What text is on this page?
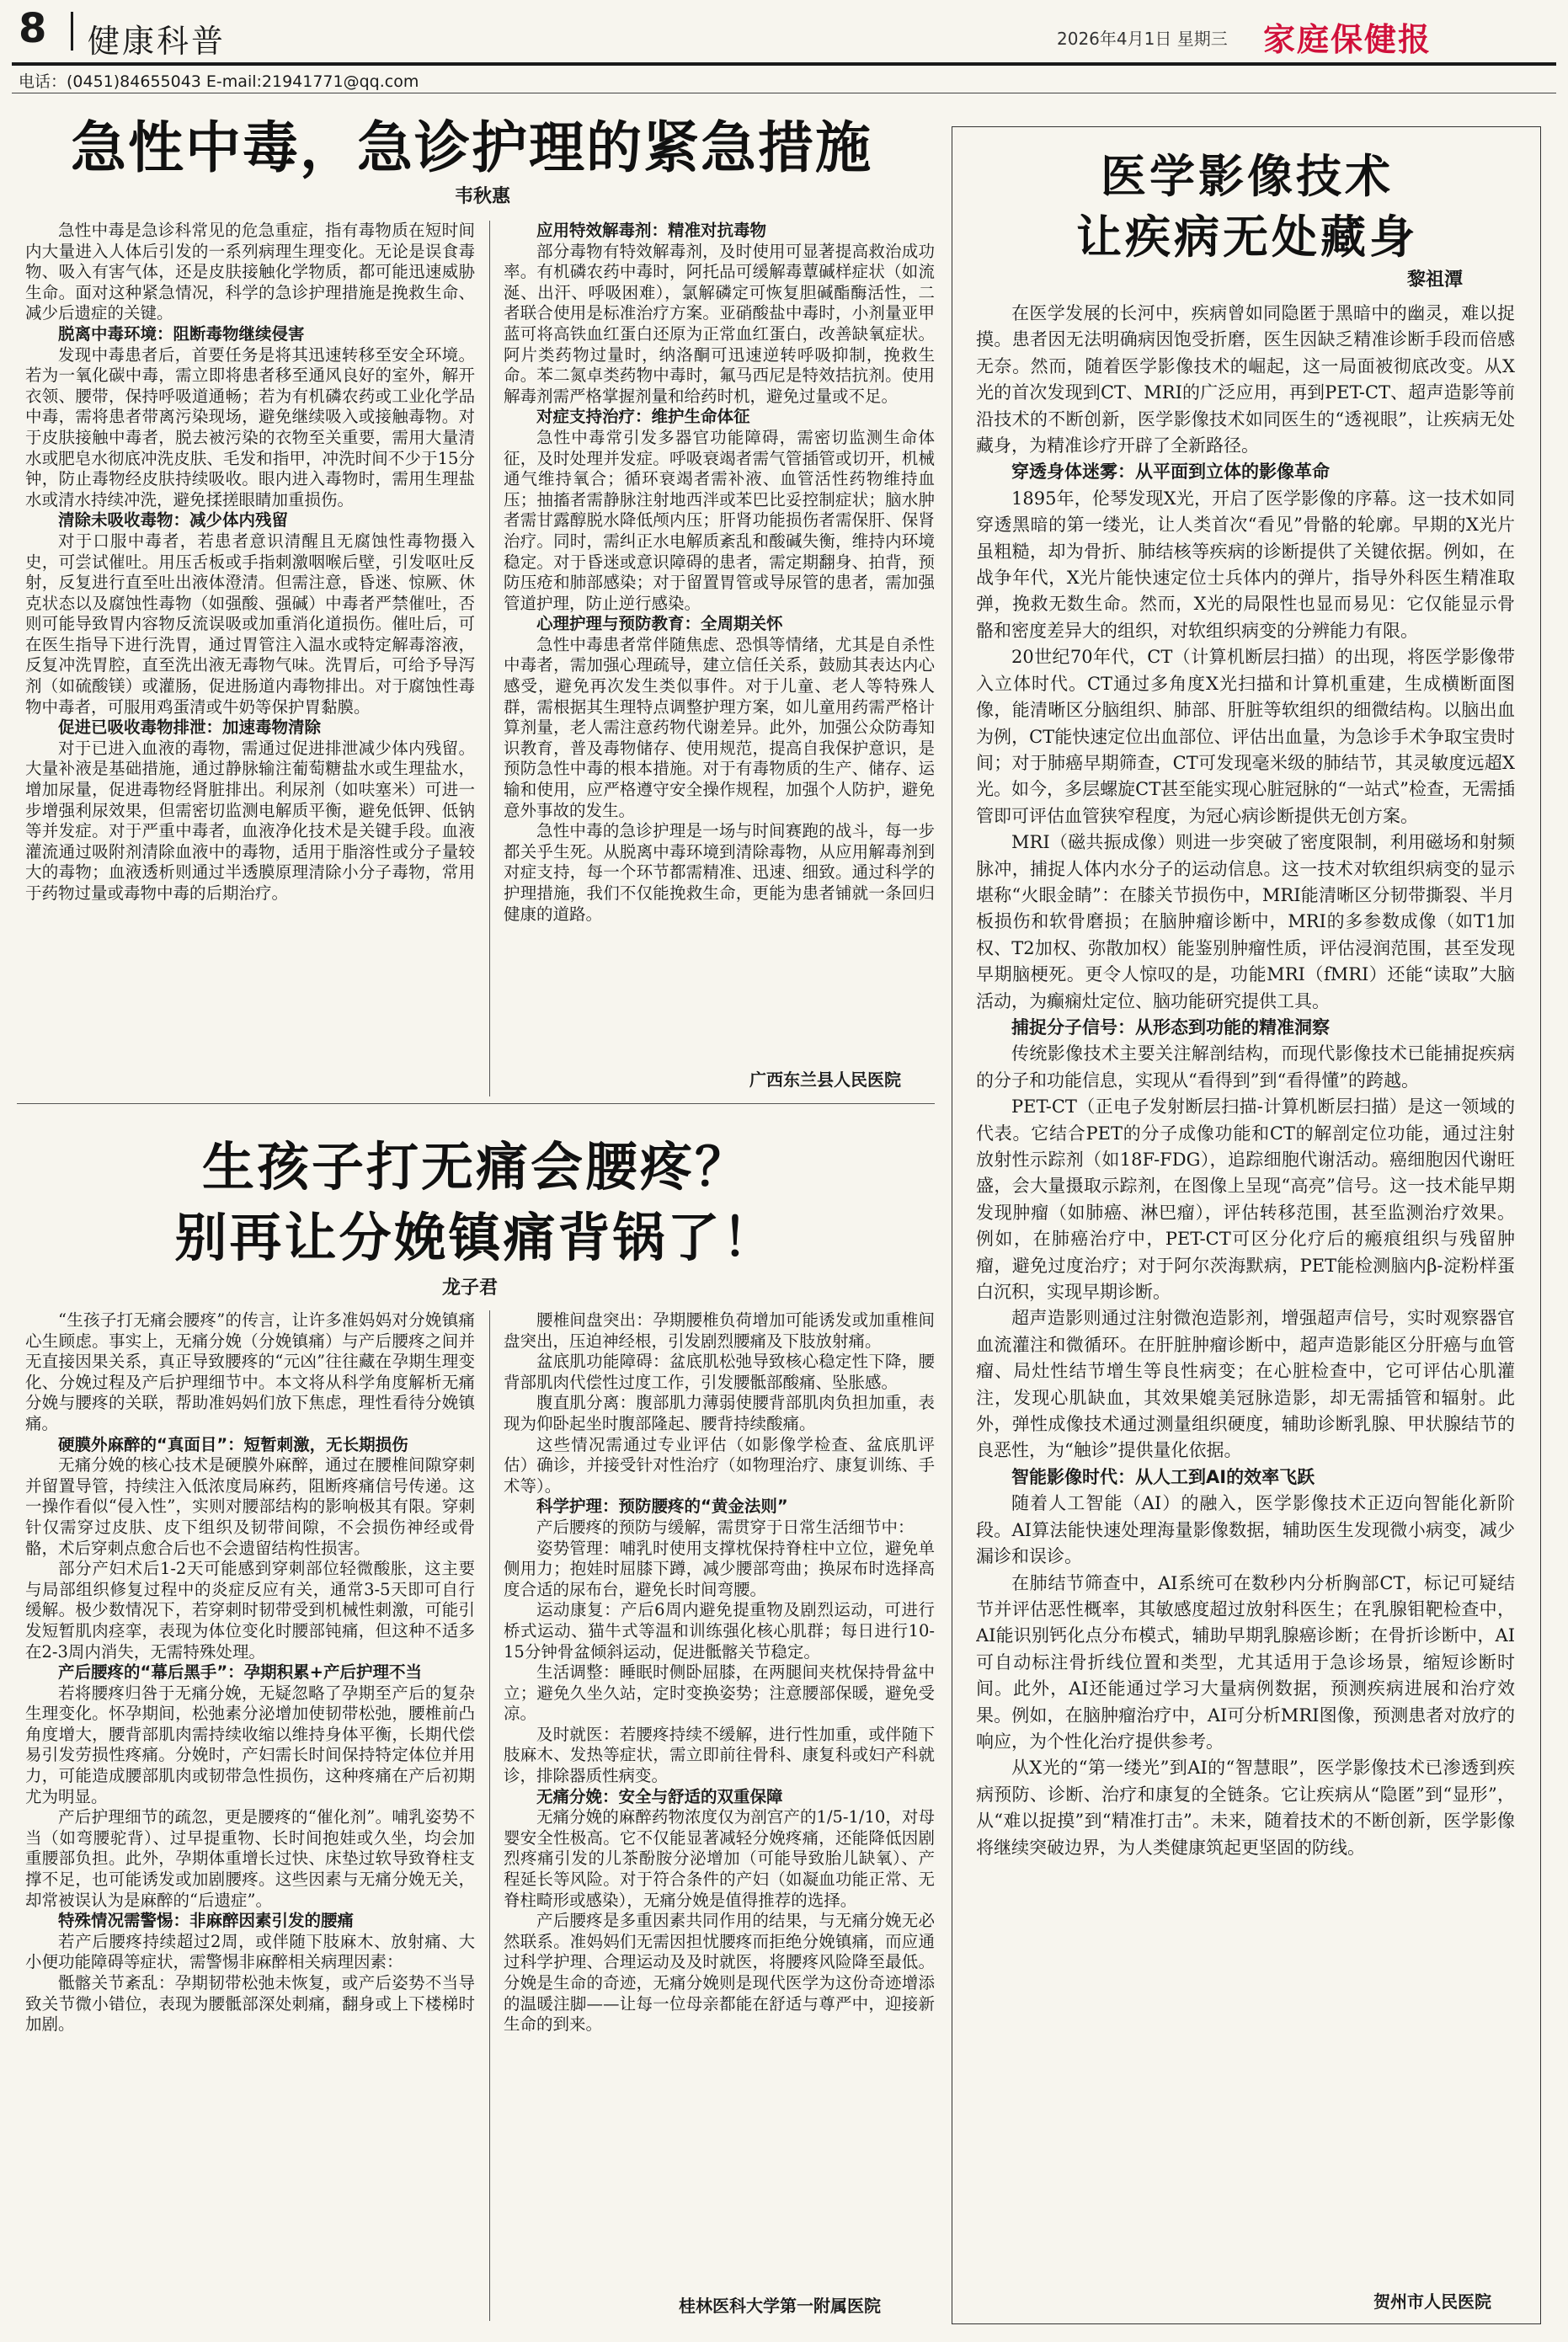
8 健康科普	2026年4月1日 星期三 家庭保健报
电话：(0451)84655043 E-mail:21941771@qq.com
急性中毒，急诊护理的紧急措施
韦秋惠

急性中毒是急诊科常见的危急重症，指有毒物质在短时间内大量进入人体后引发的一系列病理生理变化。无论是误食毒物、吸入有害气体，还是皮肤接触化学物质，都可能迅速威胁生命。面对这种紧急情况，科学的急诊护理措施是挽救生命、减少后遗症的关键。

脱离中毒环境：阻断毒物继续侵害

发现中毒患者后，首要任务是将其迅速转移至安全环境。若为一氧化碳中毒，需立即将患者移至通风良好的室外，解开衣领、腰带，保持呼吸道通畅；若为有机磷农药或工业化学品中毒，需将患者带离污染现场，避免继续吸入或接触毒物。对于皮肤接触中毒者，脱去被污染的衣物至关重要，需用大量清水或肥皂水彻底冲洗皮肤、毛发和指甲，冲洗时间不少于15分钟，防止毒物经皮肤持续吸收。眼内进入毒物时，需用生理盐水或清水持续冲洗，避免揉搓眼睛加重损伤。

清除未吸收毒物：减少体内残留

对于口服中毒者，若患者意识清醒且无腐蚀性毒物摄入史，可尝试催吐。用压舌板或手指刺激咽喉后壁，引发呕吐反射，反复进行直至吐出液体澄清。但需注意，昏迷、惊厥、休克状态以及腐蚀性毒物（如强酸、强碱）中毒者严禁催吐，否则可能导致胃内容物反流误吸或加重消化道损伤。催吐后，可在医生指导下进行洗胃，通过胃管注入温水或特定解毒溶液，反复冲洗胃腔，直至洗出液无毒物气味。洗胃后，可给予导泻剂（如硫酸镁）或灌肠，促进肠道内毒物排出。对于腐蚀性毒物中毒者，可服用鸡蛋清或牛奶等保护胃黏膜。

促进已吸收毒物排泄：加速毒物清除

对于已进入血液的毒物，需通过促进排泄减少体内残留。大量补液是基础措施，通过静脉输注葡萄糖盐水或生理盐水，增加尿量，促进毒物经肾脏排出。利尿剂（如呋塞米）可进一步增强利尿效果，但需密切监测电解质平衡，避免低钾、低钠等并发症。对于严重中毒者，血液净化技术是关键手段。血液灌流通过吸附剂清除血液中的毒物，适用于脂溶性或分子量较大的毒物；血液透析则通过半透膜原理清除小分子毒物，常用于药物过量或毒物中毒的后期治疗。

应用特效解毒剂：精准对抗毒物

部分毒物有特效解毒剂，及时使用可显著提高救治成功率。有机磷农药中毒时，阿托品可缓解毒蕈碱样症状（如流涎、出汗、呼吸困难），氯解磷定可恢复胆碱酯酶活性，二者联合使用是标准治疗方案。亚硝酸盐中毒时，小剂量亚甲蓝可将高铁血红蛋白还原为正常血红蛋白，改善缺氧症状。阿片类药物过量时，纳洛酮可迅速逆转呼吸抑制，挽救生命。苯二氮卓类药物中毒时，氟马西尼是特效拮抗剂。使用解毒剂需严格掌握剂量和给药时机，避免过量或不足。

对症支持治疗：维护生命体征

急性中毒常引发多器官功能障碍，需密切监测生命体征，及时处理并发症。呼吸衰竭者需气管插管或切开，机械通气维持氧合；循环衰竭者需补液、血管活性药物维持血压；抽搐者需静脉注射地西泮或苯巴比妥控制症状；脑水肿者需甘露醇脱水降低颅内压；肝肾功能损伤者需保肝、保肾治疗。同时，需纠正水电解质紊乱和酸碱失衡，维持内环境稳定。对于昏迷或意识障碍的患者，需定期翻身、拍背，预防压疮和肺部感染；对于留置胃管或导尿管的患者，需加强管道护理，防止逆行感染。

心理护理与预防教育：全周期关怀

急性中毒患者常伴随焦虑、恐惧等情绪，尤其是自杀性中毒者，需加强心理疏导，建立信任关系，鼓励其表达内心感受，避免再次发生类似事件。对于儿童、老人等特殊人群，需根据其生理特点调整护理方案，如儿童用药需严格计算剂量，老人需注意药物代谢差异。此外，加强公众防毒知识教育，普及毒物储存、使用规范，提高自我保护意识，是预防急性中毒的根本措施。对于有毒物质的生产、储存、运输和使用，应严格遵守安全操作规程，加强个人防护，避免意外事故的发生。

急性中毒的急诊护理是一场与时间赛跑的战斗，每一步都关乎生死。从脱离中毒环境到清除毒物，从应用解毒剂到对症支持，每一个环节都需精准、迅速、细致。通过科学的护理措施，我们不仅能挽救生命，更能为患者铺就一条回归健康的道路。

广西东兰县人民医院
生孩子打无痛会腰疼？
别再让分娩镇痛背锅了！
龙子君

“生孩子打无痛会腰疼”的传言，让许多准妈妈对分娩镇痛心生顾虑。事实上，无痛分娩（分娩镇痛）与产后腰疼之间并无直接因果关系，真正导致腰疼的“元凶”往往藏在孕期生理变化、分娩过程及产后护理细节中。本文将从科学角度解析无痛分娩与腰疼的关联，帮助准妈妈们放下焦虑，理性看待分娩镇痛。

硬膜外麻醉的“真面目”：短暂刺激，无长期损伤

无痛分娩的核心技术是硬膜外麻醉，通过在腰椎间隙穿刺并留置导管，持续注入低浓度局麻药，阻断疼痛信号传递。这一操作看似“侵入性”，实则对腰部结构的影响极其有限。穿刺针仅需穿过皮肤、皮下组织及韧带间隙，不会损伤神经或骨骼，术后穿刺点愈合后也不会遗留结构性损害。

部分产妇术后1-2天可能感到穿刺部位轻微酸胀，这主要与局部组织修复过程中的炎症反应有关，通常3-5天即可自行缓解。极少数情况下，若穿刺时韧带受到机械性刺激，可能引发短暂肌肉痉挛，表现为体位变化时腰部钝痛，但这种不适多在2-3周内消失，无需特殊处理。

产后腰疼的“幕后黑手”：孕期积累+产后护理不当

若将腰疼归咎于无痛分娩，无疑忽略了孕期至产后的复杂生理变化。怀孕期间，松弛素分泌增加使韧带松弛，腰椎前凸角度增大，腰背部肌肉需持续收缩以维持身体平衡，长期代偿易引发劳损性疼痛。分娩时，产妇需长时间保持特定体位并用力，可能造成腰部肌肉或韧带急性损伤，这种疼痛在产后初期尤为明显。

产后护理细节的疏忽，更是腰疼的“催化剂”。哺乳姿势不当（如弯腰驼背）、过早提重物、长时间抱娃或久坐，均会加重腰部负担。此外，孕期体重增长过快、床垫过软导致脊柱支撑不足，也可能诱发或加剧腰疼。这些因素与无痛分娩无关，却常被误认为是麻醉的“后遗症”。

特殊情况需警惕：非麻醉因素引发的腰痛

若产后腰疼持续超过2周，或伴随下肢麻木、放射痛、大小便功能障碍等症状，需警惕非麻醉相关病理因素：

骶髂关节紊乱：孕期韧带松弛未恢复，或产后姿势不当导致关节微小错位，表现为腰骶部深处刺痛，翻身或上下楼梯时加剧。

腰椎间盘突出：孕期腰椎负荷增加可能诱发或加重椎间盘突出，压迫神经根，引发剧烈腰痛及下肢放射痛。

盆底肌功能障碍：盆底肌松弛导致核心稳定性下降，腰背部肌肉代偿性过度工作，引发腰骶部酸痛、坠胀感。

腹直肌分离：腹部肌力薄弱使腰背部肌肉负担加重，表现为仰卧起坐时腹部隆起、腰背持续酸痛。

这些情况需通过专业评估（如影像学检查、盆底肌评估）确诊，并接受针对性治疗（如物理治疗、康复训练、手术等）。

科学护理：预防腰疼的“黄金法则”

产后腰疼的预防与缓解，需贯穿于日常生活细节中：

姿势管理：哺乳时使用支撑枕保持脊柱中立位，避免单侧用力；抱娃时屈膝下蹲，减少腰部弯曲；换尿布时选择高度合适的尿布台，避免长时间弯腰。

运动康复：产后6周内避免提重物及剧烈运动，可进行桥式运动、猫牛式等温和训练强化核心肌群；每日进行10-15分钟骨盆倾斜运动，促进骶髂关节稳定。

生活调整：睡眠时侧卧屈膝，在两腿间夹枕保持骨盆中立；避免久坐久站，定时变换姿势；注意腰部保暖，避免受凉。

及时就医：若腰疼持续不缓解，进行性加重，或伴随下肢麻木、发热等症状，需立即前往骨科、康复科或妇产科就诊，排除器质性病变。

无痛分娩：安全与舒适的双重保障

无痛分娩的麻醉药物浓度仅为剖宫产的1/5-1/10，对母婴安全性极高。它不仅能显著减轻分娩疼痛，还能降低因剧烈疼痛引发的儿茶酚胺分泌增加（可能导致胎儿缺氧）、产程延长等风险。对于符合条件的产妇（如凝血功能正常、无脊柱畸形或感染），无痛分娩是值得推荐的选择。

产后腰疼是多重因素共同作用的结果，与无痛分娩无必然联系。准妈妈们无需因担忧腰疼而拒绝分娩镇痛，而应通过科学护理、合理运动及及时就医，将腰疼风险降至最低。分娩是生命的奇迹，无痛分娩则是现代医学为这份奇迹增添的温暖注脚——让每一位母亲都能在舒适与尊严中，迎接新生命的到来。

桂林医科大学第一附属医院
医学影像技术
让疾病无处藏身
黎祖潭

在医学发展的长河中，疾病曾如同隐匿于黑暗中的幽灵，难以捉摸。患者因无法明确病因饱受折磨，医生因缺乏精准诊断手段而倍感无奈。然而，随着医学影像技术的崛起，这一局面被彻底改变。从X光的首次发现到CT、MRI的广泛应用，再到PET-CT、超声造影等前沿技术的不断创新，医学影像技术如同医生的“透视眼”，让疾病无处藏身，为精准诊疗开辟了全新路径。

穿透身体迷雾：从平面到立体的影像革命

1895年，伦琴发现X光，开启了医学影像的序幕。这一技术如同穿透黑暗的第一缕光，让人类首次“看见”骨骼的轮廓。早期的X光片虽粗糙，却为骨折、肺结核等疾病的诊断提供了关键依据。例如，在战争年代，X光片能快速定位士兵体内的弹片，指导外科医生精准取弹，挽救无数生命。然而，X光的局限性也显而易见：它仅能显示骨骼和密度差异大的组织，对软组织病变的分辨能力有限。

20世纪70年代，CT（计算机断层扫描）的出现，将医学影像带入立体时代。CT通过多角度X光扫描和计算机重建，生成横断面图像，能清晰区分脑组织、肺部、肝脏等软组织的细微结构。以脑出血为例，CT能快速定位出血部位、评估出血量，为急诊手术争取宝贵时间；对于肺癌早期筛查，CT可发现毫米级的肺结节，其灵敏度远超X光。如今，多层螺旋CT甚至能实现心脏冠脉的“一站式”检查，无需插管即可评估血管狭窄程度，为冠心病诊断提供无创方案。

MRI（磁共振成像）则进一步突破了密度限制，利用磁场和射频脉冲，捕捉人体内水分子的运动信息。这一技术对软组织病变的显示堪称“火眼金睛”：在膝关节损伤中，MRI能清晰区分韧带撕裂、半月板损伤和软骨磨损；在脑肿瘤诊断中，MRI的多参数成像（如T1加权、T2加权、弥散加权）能鉴别肿瘤性质，评估浸润范围，甚至发现早期脑梗死。更令人惊叹的是，功能MRI（fMRI）还能“读取”大脑活动，为癫痫灶定位、脑功能研究提供工具。

捕捉分子信号：从形态到功能的精准洞察

传统影像技术主要关注解剖结构，而现代影像技术已能捕捉疾病的分子和功能信息，实现从“看得到”到“看得懂”的跨越。

PET-CT（正电子发射断层扫描-计算机断层扫描）是这一领域的代表。它结合PET的分子成像功能和CT的解剖定位功能，通过注射放射性示踪剂（如18F-FDG），追踪细胞代谢活动。癌细胞因代谢旺盛，会大量摄取示踪剂，在图像上呈现“高亮”信号。这一技术能早期发现肿瘤（如肺癌、淋巴瘤），评估转移范围，甚至监测治疗效果。例如，在肺癌治疗中，PET-CT可区分化疗后的瘢痕组织与残留肿瘤，避免过度治疗；对于阿尔茨海默病，PET能检测脑内β-淀粉样蛋白沉积，实现早期诊断。

超声造影则通过注射微泡造影剂，增强超声信号，实时观察器官血流灌注和微循环。在肝脏肿瘤诊断中，超声造影能区分肝癌与血管瘤、局灶性结节增生等良性病变；在心脏检查中，它可评估心肌灌注，发现心肌缺血，其效果媲美冠脉造影，却无需插管和辐射。此外，弹性成像技术通过测量组织硬度，辅助诊断乳腺、甲状腺结节的良恶性，为“触诊”提供量化依据。

智能影像时代：从人工到AI的效率飞跃

随着人工智能（AI）的融入，医学影像技术正迈向智能化新阶段。AI算法能快速处理海量影像数据，辅助医生发现微小病变，减少漏诊和误诊。

在肺结节筛查中，AI系统可在数秒内分析胸部CT，标记可疑结节并评估恶性概率，其敏感度超过放射科医生；在乳腺钼靶检查中，AI能识别钙化点分布模式，辅助早期乳腺癌诊断；在骨折诊断中，AI可自动标注骨折线位置和类型，尤其适用于急诊场景，缩短诊断时间。此外，AI还能通过学习大量病例数据，预测疾病进展和治疗效果。例如，在脑肿瘤治疗中，AI可分析MRI图像，预测患者对放疗的响应，为个性化治疗提供参考。

从X光的“第一缕光”到AI的“智慧眼”，医学影像技术已渗透到疾病预防、诊断、治疗和康复的全链条。它让疾病从“隐匿”到“显形”，从“难以捉摸”到“精准打击”。未来，随着技术的不断创新，医学影像将继续突破边界，为人类健康筑起更坚固的防线。

贺州市人民医院
